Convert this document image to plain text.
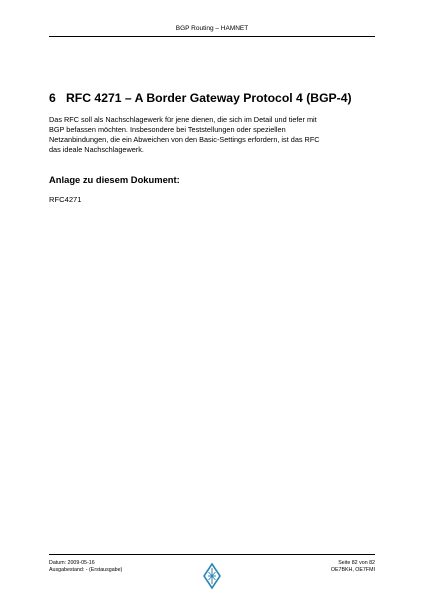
BGP Routing – HAMNET
6 RFC 4271 – A Border Gateway Protocol 4 (BGP-4)
Das RFC soll als Nachschlagewerk für jene dienen, die sich im Detail und tiefer mit
BGP befassen möchten. Insbesondere bei Teststellungen oder speziellen
Netzanbindungen, die ein Abweichen von den Basic-Settings erfordern, ist das RFC
das ideale Nachschlagewerk.
Anlage zu diesem Dokument:
RFC4271
Datum: 2009-05-16
Ausgabestand: - (Erstausgabe)
Seite 82 von 82
OE7BKH, OE7FMI
